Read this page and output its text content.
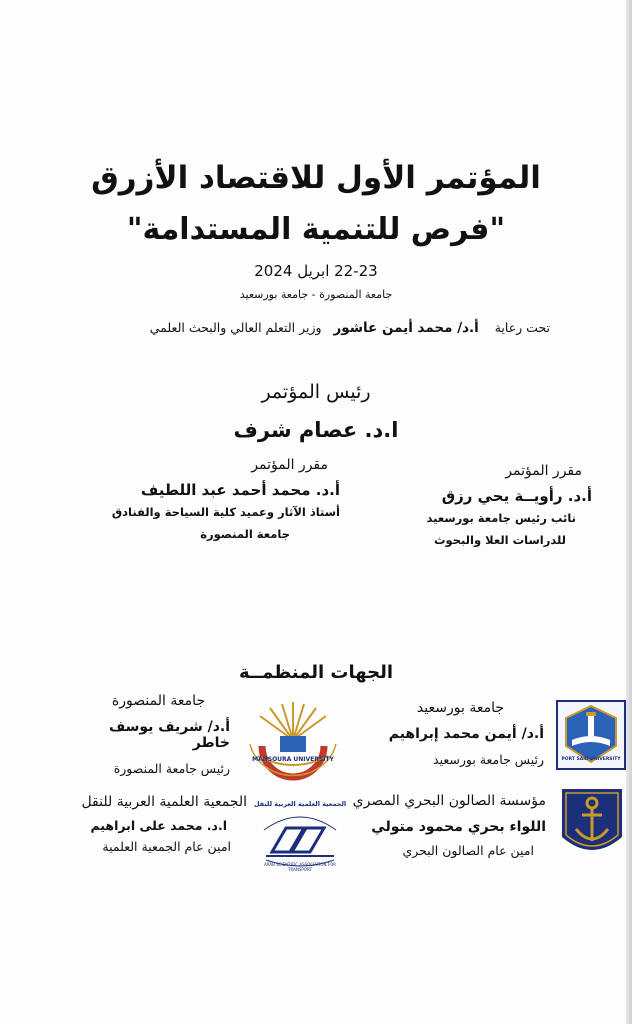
المؤتمر الأول للاقتصاد الأزرق
"فرص للتنمية المستدامة"
22-23 ابريل 2024
جامعة المنصورة - جامعة بورسعيد
تحت رعاية    أ.د/ محمد أيمن عاشور   وزير التعلم العالي والبحث العلمي
رئيس المؤتمر
ا.د. عصام شرف
مقرر المؤتمر
أ.د. رأويــة يحي رزق
نائب رئيس جامعة بورسعيد
للدراسات العلا والبحوث
مقرر المؤتمر
أ.د. محمد أحمد عبد اللطيف
أستاذ الآثار وعميد كلية السياحة والفنادق
جامعة المنصورة
الجهات المنظمــة
PORT SAID UNIVERSITY
جامعة بورسعيد
أ.د/ أيمن محمد إبراهيم
رئيس جامعة بورسعيد
MANSOURA UNIVERSITY
جامعة المنصورة
أ.د/ شريف يوسف خاطر
رئيس جامعة المنصورة
مؤسسة الصالون البحري المصري
اللواء بحري محمود متولي
امين عام الصالون البحري
الجمعية العلمية العربية للنقل
ARAB SCIENTIFIC ASSOCIATION FOR TRANSPORT
الجمعية العلمية العربية للنقل
ا.د. محمد على ابراهيم
امين عام الجمعية العلمية
